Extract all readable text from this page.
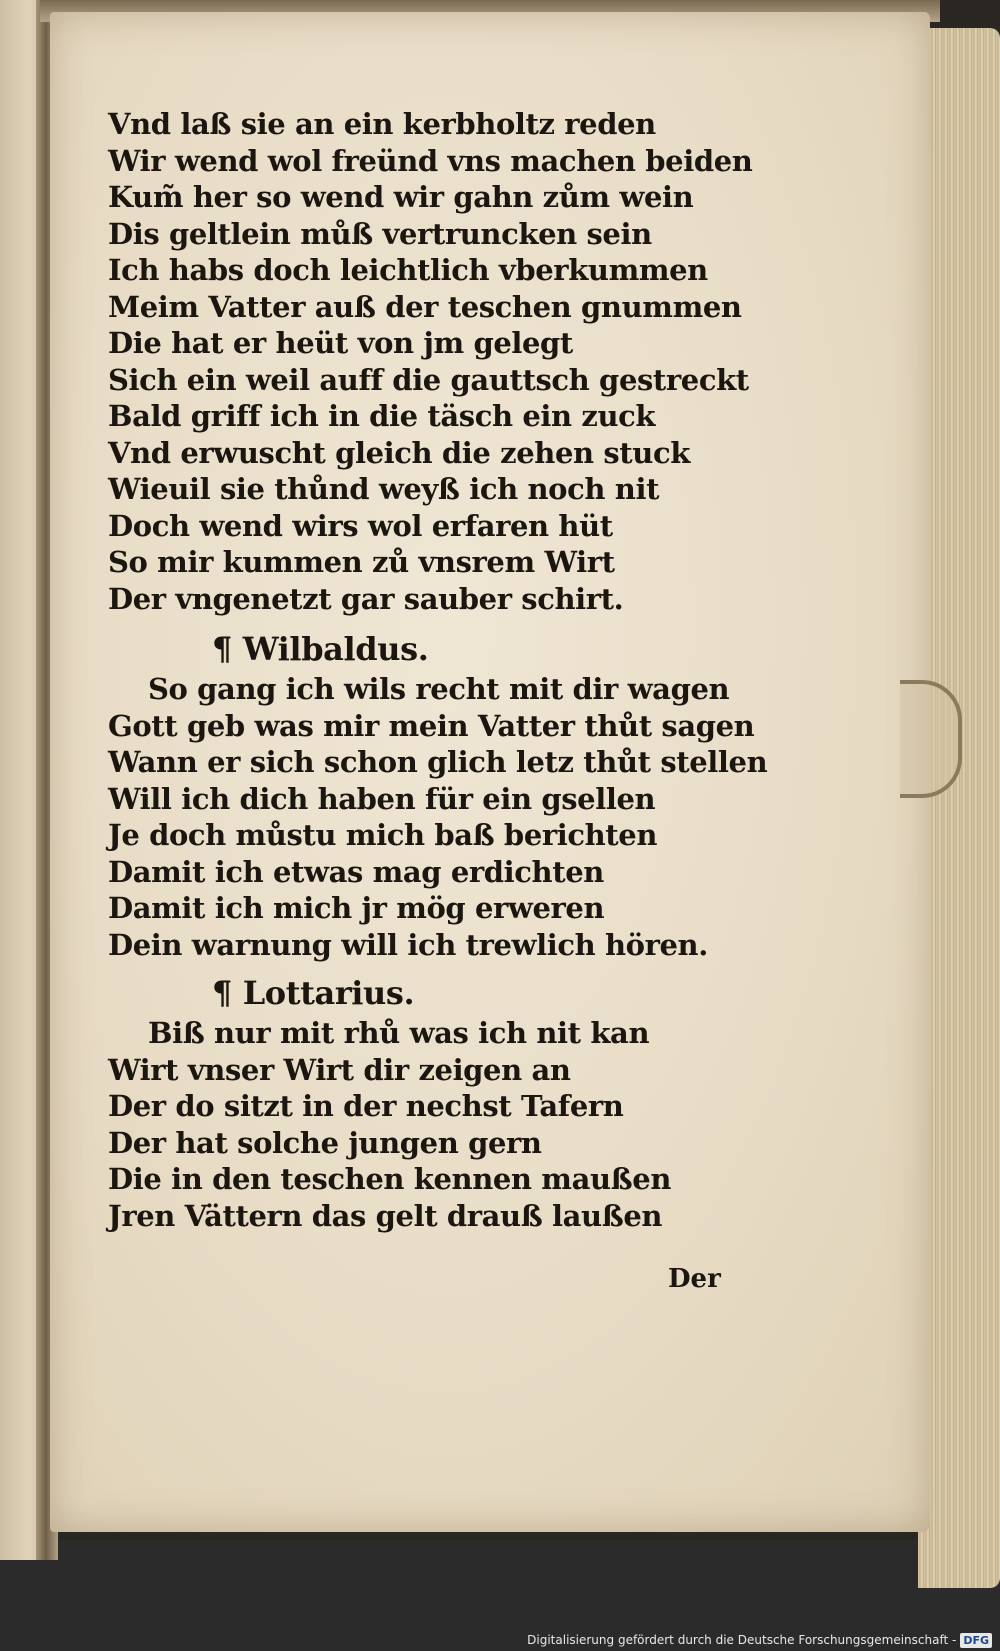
Vnd laß sie an ein kerbholtz reden
Wir wend wol freünd vns machen beiden
Kum̃ her so wend wir gahn zům wein
Dis geltlein můß vertruncken sein
Ich habs doch leichtlich vberkummen
Meim Vatter auß der teschen gnummen
Die hat er heüt von jm gelegt
Sich ein weil auff die gauttsch gestreckt
Bald griff ich in die täsch ein zuck
Vnd erwuscht gleich die zehen stuck
Wieuil sie thůnd weyß ich noch nit
Doch wend wirs wol erfaren hüt
So mir kummen zů vnsrem Wirt
Der vngenetzt gar sauber schirt.
¶ Wilbaldus.
So gang ich wils recht mit dir wagen
Gott geb was mir mein Vatter thůt sagen
Wann er sich schon glich letz thůt stellen
Will ich dich haben für ein gsellen
Je doch můstu mich baß berichten
Damit ich etwas mag erdichten
Damit ich mich jr mög erweren
Dein warnung will ich trewlich hören.
¶ Lottarius.
Biß nur mit rhů was ich nit kan
Wirt vnser Wirt dir zeigen an
Der do sitzt in der nechst Tafern
Der hat solche jungen gern
Die in den teschen kennen maußen
Jren Vättern das gelt drauß laußen
Der
Digitalisierung gefördert durch die Deutsche Forschungsgemeinschaft - DFG
